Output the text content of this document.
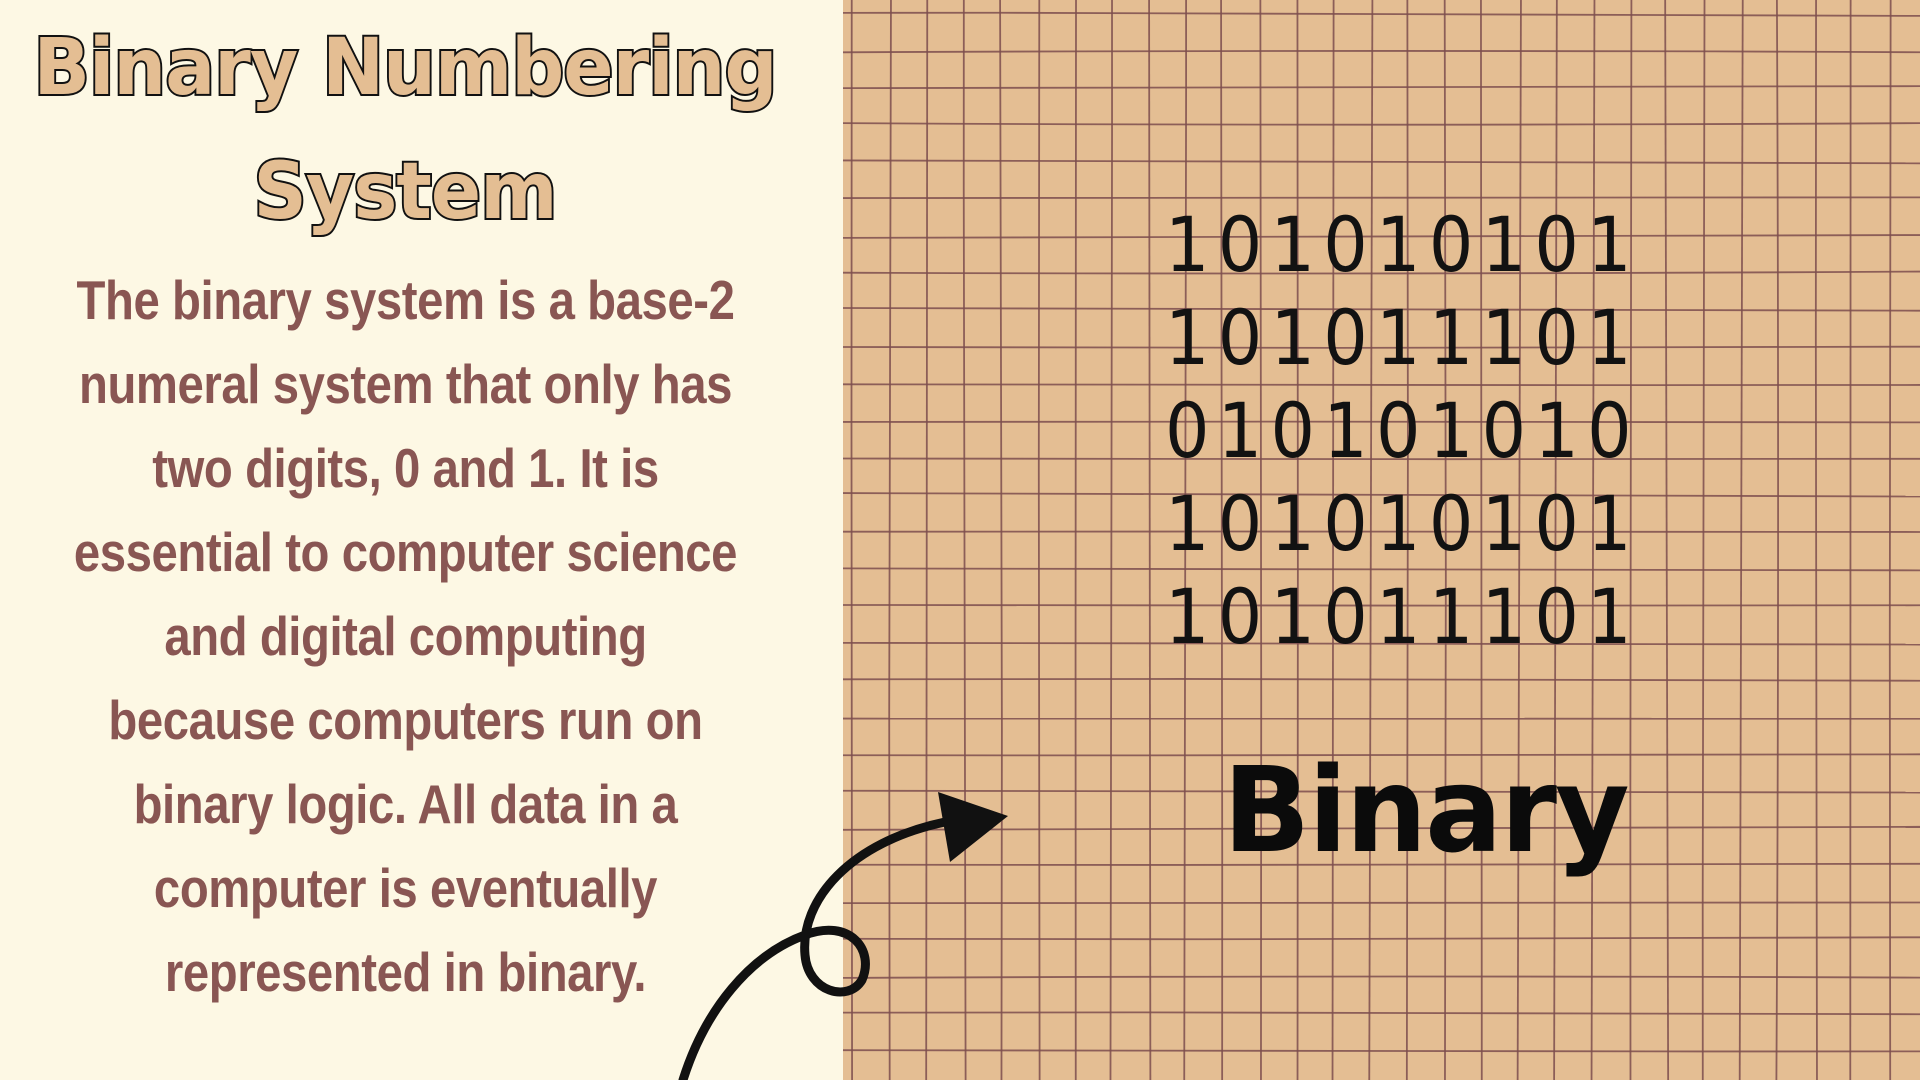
Binary Numbering
System

The binary system is a base-2 numeral system that only has two digits, 0 and 1. It is essential to computer science and digital computing because computers run on binary logic. All data in a computer is eventually represented in binary.

101010101
101011101
010101010
101010101
101011101
Binary
